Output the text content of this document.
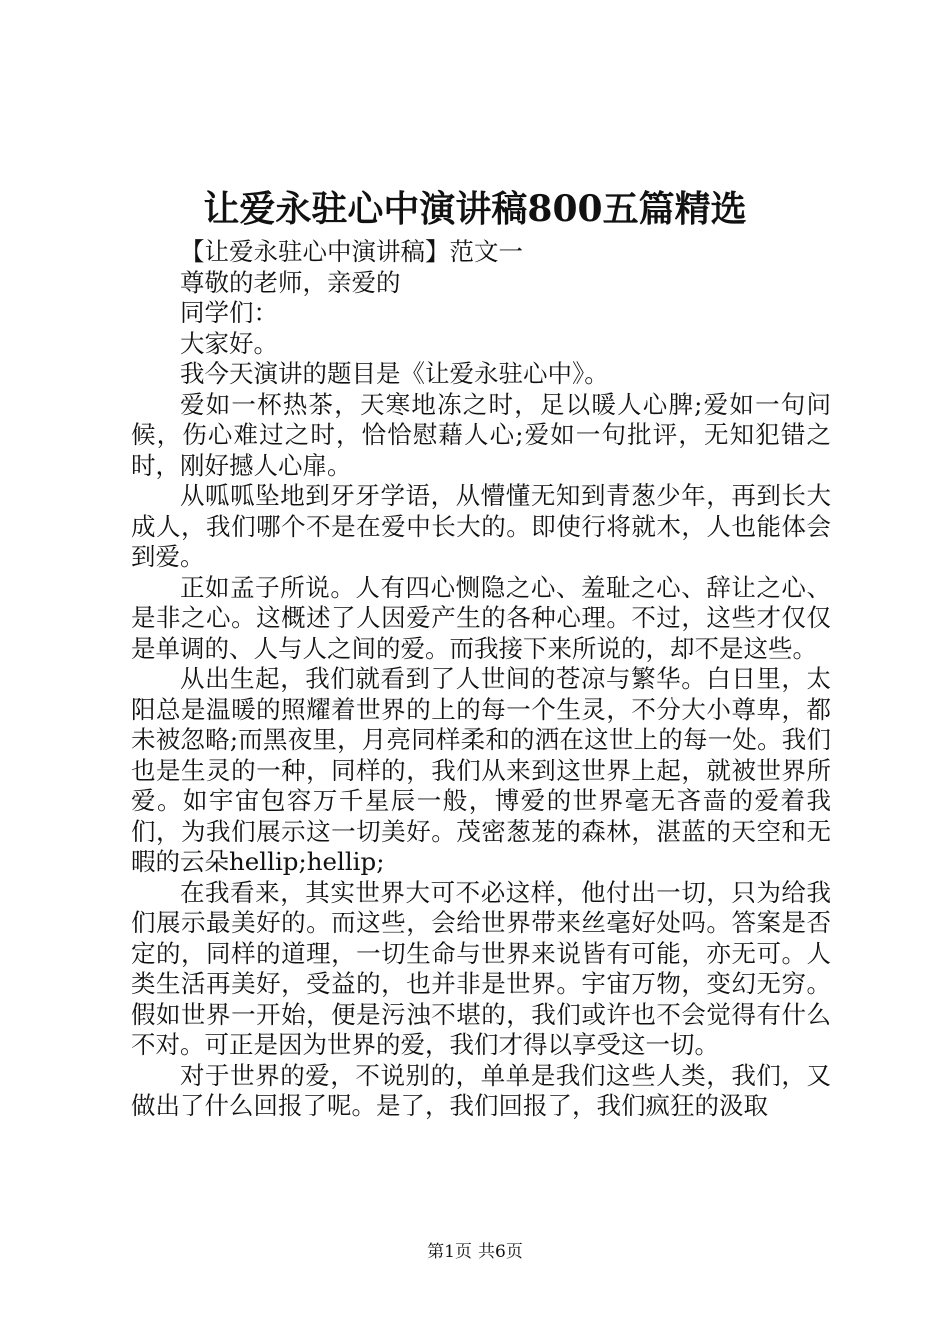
让爱永驻心中演讲稿800五篇精选

【让爱永驻心中演讲稿】范文一

尊敬的老师，亲爱的

同学们：

大家好。

我今天演讲的题目是《让爱永驻心中》。

爱如一杯热茶，天寒地冻之时，足以暖人心脾;爱如一句问候，伤心难过之时，恰恰慰藉人心;爱如一句批评，无知犯错之时，刚好撼人心扉。

从呱呱坠地到牙牙学语，从懵懂无知到青葱少年，再到长大成人，我们哪个不是在爱中长大的。即使行将就木，人也能体会到爱。

正如孟子所说。人有四心恻隐之心、羞耻之心、辞让之心、是非之心。这概述了人因爱产生的各种心理。不过，这些才仅仅是单调的、人与人之间的爱。而我接下来所说的，却不是这些。

从出生起，我们就看到了人世间的苍凉与繁华。白日里，太阳总是温暖的照耀着世界的上的每一个生灵，不分大小尊卑，都未被忽略;而黑夜里，月亮同样柔和的洒在这世上的每一处。我们也是生灵的一种，同样的，我们从来到这世界上起，就被世界所爱。如宇宙包容万千星辰一般，博爱的世界毫无吝啬的爱着我们，为我们展示这一切美好。茂密葱茏的森林，湛蓝的天空和无暇的云朵hellip;hellip;

在我看来，其实世界大可不必这样，他付出一切，只为给我们展示最美好的。而这些，会给世界带来丝毫好处吗。答案是否定的，同样的道理，一切生命与世界来说皆有可能，亦无可。人类生活再美好，受益的，也并非是世界。宇宙万物，变幻无穷。假如世界一开始，便是污浊不堪的，我们或许也不会觉得有什么不对。可正是因为世界的爱，我们才得以享受这一切。

对于世界的爱，不说别的，单单是我们这些人类，我们，又做出了什么回报了呢。是了，我们回报了，我们疯狂的汲取

第1页 共6页
